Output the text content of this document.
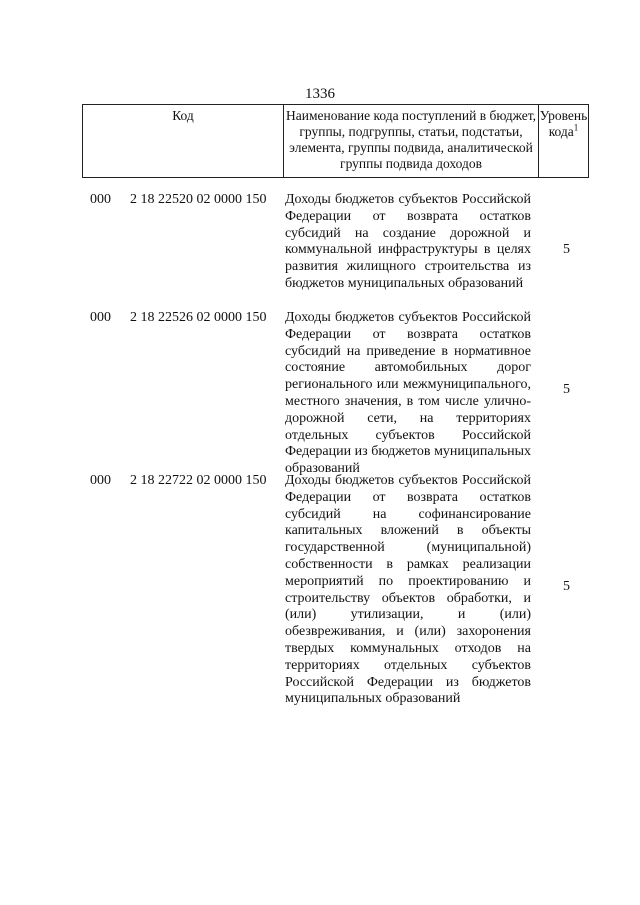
1336
Код	Наименование кода поступлений в бюджет, группы, подгруппы, статьи, подстатьи, элемента, группы подвида, аналитической группы подвида доходов
Уровень кода$^1$
000 2 18 22520 02 0000 150 Доходы бюджетов субъектов Российской Федерации от возврата остатков субсидий на создание дорожной и коммунальной инфраструктуры в целях развития жилищного строительства из бюджетов муниципальных образований
5
000 2 18 22526 02 0000 150 Доходы бюджетов субъектов Российской Федерации от возврата остатков субсидий на приведение в нормативное состояние автомобильных дорог регионального или межмуниципального, местного значения, в том числе улично-дорожной сети, на территориях отдельных субъектов Российской Федерации из бюджетов муниципальных образований
5
000 2 18 22722 02 0000 150 Доходы бюджетов субъектов Российской Федерации от возврата остатков субсидий на софинансирование капитальных вложений в объекты государственной (муниципальной) собственности в рамках реализации мероприятий по проектированию и строительству объектов обработки, и (или) утилизации, и (или) обезвреживания, и (или) захоронения твердых коммунальных отходов на территориях отдельных субъектов Российской Федерации из бюджетов муниципальных образований
5
